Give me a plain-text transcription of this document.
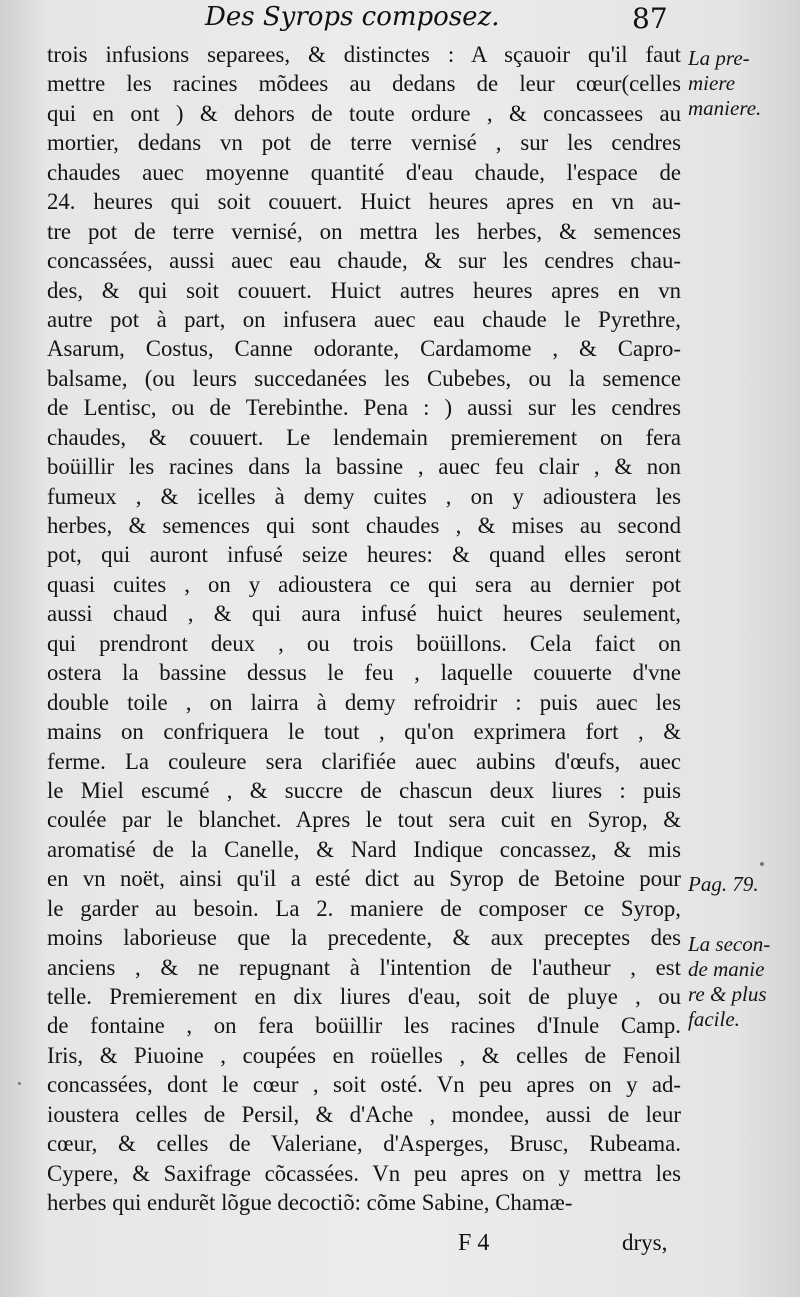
Des Syrops composez.	87
trois infusions separees, & distinctes : A sçauoir qu'il faut
mettre les racines mõdees au dedans de leur cœur(celles
qui en ont ) & dehors de toute ordure , & concassees au
mortier, dedans vn pot de terre vernisé , sur les cendres
chaudes auec moyenne quantité d'eau chaude, l'espace de
24. heures qui soit couuert. Huict heures apres en vn au-
tre pot de terre vernisé, on mettra les herbes, & semences
concassées, aussi auec eau chaude, & sur les cendres chau-
des, & qui soit couuert. Huict autres heures apres en vn
autre pot à part, on infusera auec eau chaude le Pyrethre,
Asarum, Costus, Canne odorante, Cardamome , & Capro-
balsame, (ou leurs succedanées les Cubebes, ou la semence
de Lentisc, ou de Terebinthe. Pena : ) aussi sur les cendres
chaudes, & couuert. Le lendemain premierement on fera
boüillir les racines dans la bassine , auec feu clair , & non
fumeux , & icelles à demy cuites , on y adioustera les
herbes, & semences qui sont chaudes , & mises au second
pot, qui auront infusé seize heures: & quand elles seront
quasi cuites , on y adioustera ce qui sera au dernier pot
aussi chaud , & qui aura infusé huict heures seulement,
qui prendront deux , ou trois boüillons. Cela faict on
ostera la bassine dessus le feu , laquelle couuerte d'vne
double toile , on lairra à demy refroidrir : puis auec les
mains on confriquera le tout , qu'on exprimera fort , &
ferme. La couleure sera clarifiée auec aubins d'œufs, auec
le Miel escumé , & succre de chascun deux liures : puis
coulée par le blanchet. Apres le tout sera cuit en Syrop, &
aromatisé de la Canelle, & Nard Indique concassez, & mis
en vn noët, ainsi qu'il a esté dict au Syrop de Betoine pour
le garder au besoin. La 2. maniere de composer ce Syrop,
moins laborieuse que la precedente, & aux preceptes des
anciens , & ne repugnant à l'intention de l'autheur , est
telle. Premierement en dix liures d'eau, soit de pluye , ou
de fontaine , on fera boüillir les racines d'Inule Camp.
Iris, & Piuoine , coupées en roüelles , & celles de Fenoil
concassées, dont le cœur , soit osté. Vn peu apres on y ad-
ioustera celles de Persil, & d'Ache , mondee, aussi de leur
cœur, & celles de Valeriane, d'Asperges, Brusc, Rubeama.
Cypere, & Saxifrage cõcassées. Vn peu apres on y mettra les
herbes qui endurẽt lõgue decoctiõ: cõme Sabine, Chamæ-
La pre-
miere
maniere.
Pag. 79.
La secon-
de manie
re & plus
facile.
F 4	drys,
